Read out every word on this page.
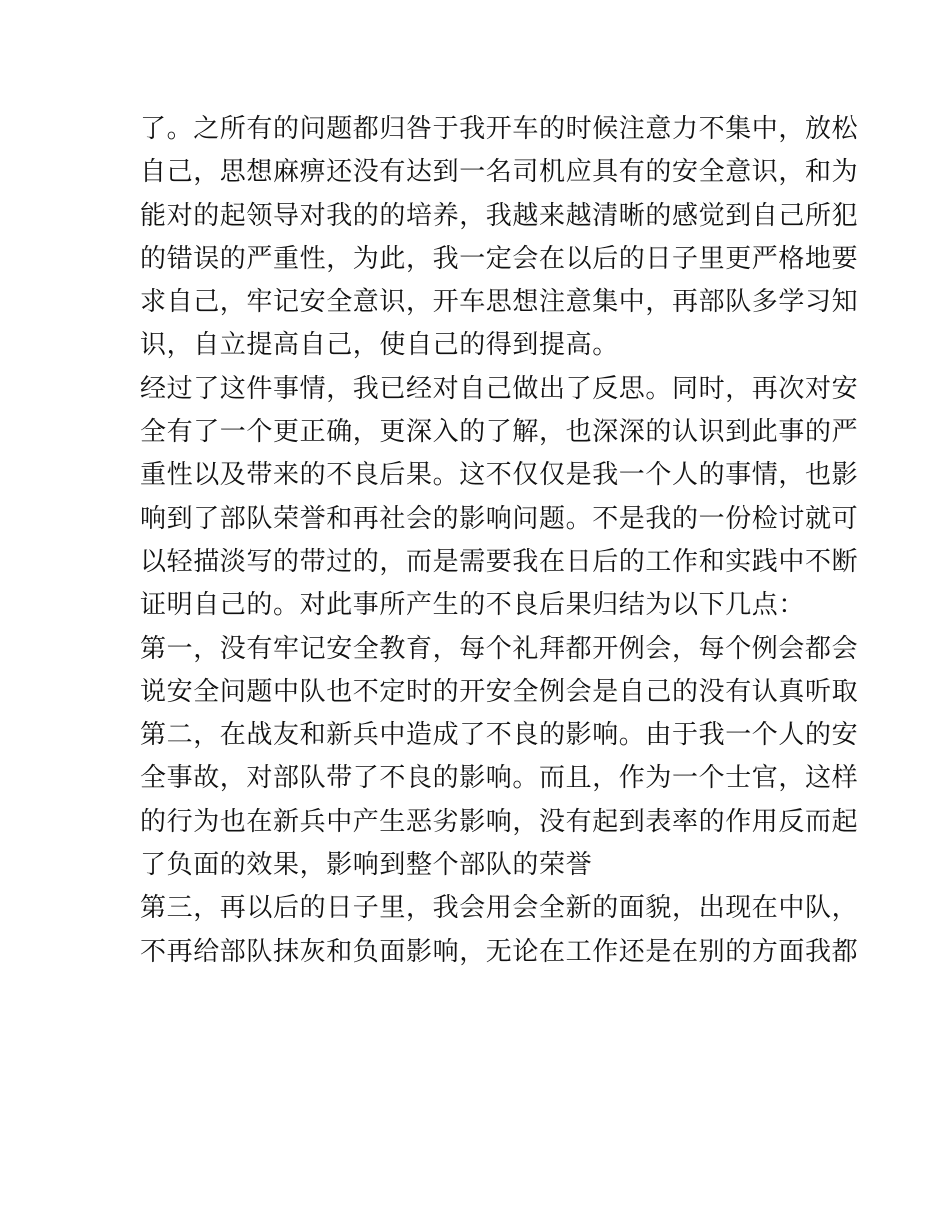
了。之所有的问题都归咎于我开车的时候注意力不集中，放松
自己，思想麻痹还没有达到一名司机应具有的安全意识，和为
能对的起领导对我的的培养，我越来越清晰的感觉到自己所犯
的错误的严重性，为此，我一定会在以后的日子里更严格地要
求自己，牢记安全意识，开车思想注意集中，再部队多学习知
识，自立提高自己，使自己的得到提高。
经过了这件事情，我已经对自己做出了反思。同时，再次对安
全有了一个更正确，更深入的了解，也深深的认识到此事的严
重性以及带来的不良后果。这不仅仅是我一个人的事情，也影
响到了部队荣誉和再社会的影响问题。不是我的一份检讨就可
以轻描淡写的带过的，而是需要我在日后的工作和实践中不断
证明自己的。对此事所产生的不良后果归结为以下几点：
第一，没有牢记安全教育，每个礼拜都开例会，每个例会都会
说安全问题中队也不定时的开安全例会是自己的没有认真听取
第二，在战友和新兵中造成了不良的影响。由于我一个人的安
全事故，对部队带了不良的影响。而且，作为一个士官，这样
的行为也在新兵中产生恶劣影响，没有起到表率的作用反而起
了负面的效果，影响到整个部队的荣誉
第三，再以后的日子里，我会用会全新的面貌，出现在中队，
不再给部队抹灰和负面影响，无论在工作还是在别的方面我都
